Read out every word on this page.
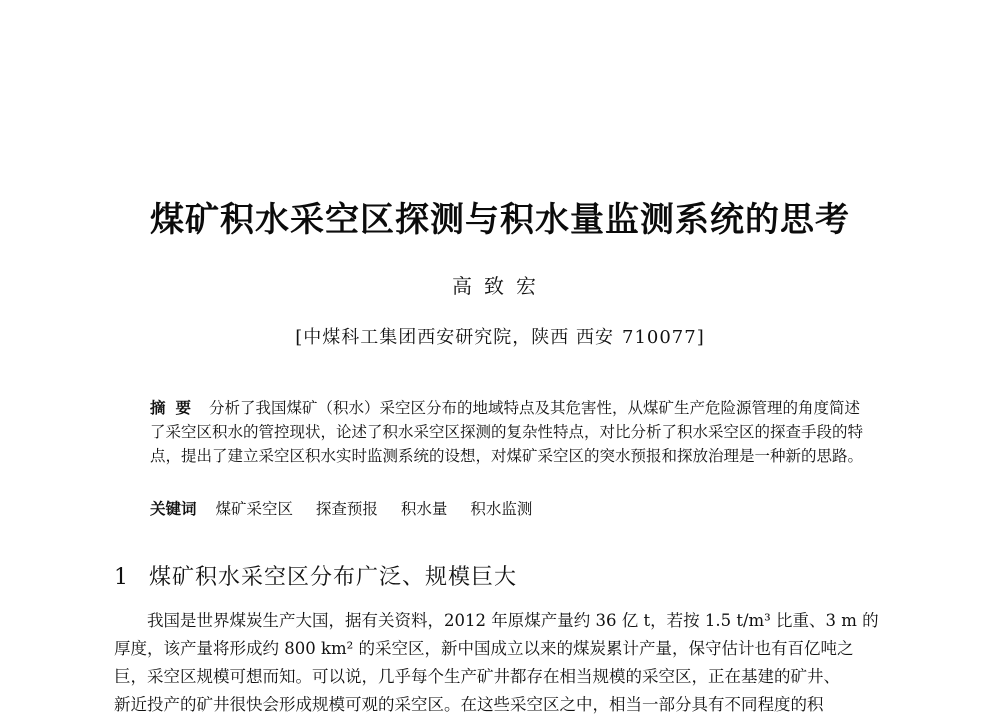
煤矿积水采空区探测与积水量监测系统的思考
高致宏
[中煤科工集团西安研究院，陕西 西安 710077]
摘要 分析了我国煤矿（积水）采空区分布的地域特点及其危害性，从煤矿生产危险源管理的角度简述了采空区积水的管控现状，论述了积水采空区探测的复杂性特点，对比分析了积水采空区的探查手段的特点，提出了建立采空区积水实时监测系统的设想，对煤矿采空区的突水预报和探放治理是一种新的思路。
关键词 煤矿采空区 探查预报 积水量 积水监测
1 煤矿积水采空区分布广泛、规模巨大
我国是世界煤炭生产大国，据有关资料，2012 年原煤产量约 36 亿 t，若按 1.5 t/m³ 比重、3 m 的
厚度，该产量将形成约 800 km² 的采空区，新中国成立以来的煤炭累计产量，保守估计也有百亿吨之
巨，采空区规模可想而知。可以说，几乎每个生产矿井都存在相当规模的采空区，正在基建的矿井、
新近投产的矿井很快会形成规模可观的采空区。在这些采空区之中，相当一部分具有不同程度的积
